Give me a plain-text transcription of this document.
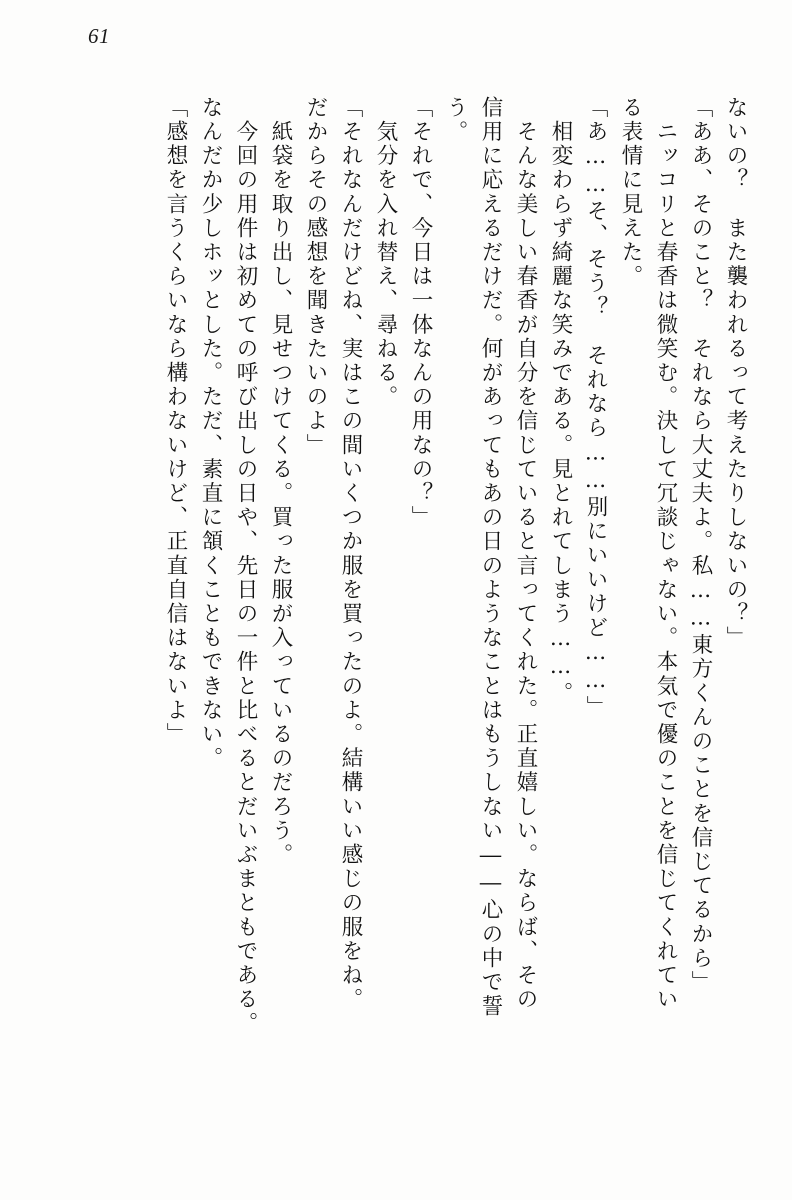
61
ないの？　また襲われるって考えたりしないの？」
「ああ、そのこと？　それなら大丈夫よ。私……東方くんのことを信じてるから」
　ニッコリと春香は微笑む。決して冗談じゃない。本気で優のことを信じてくれてい
る表情に見えた。
「あ……そ、そう？　それなら……別にいいけど……」
　相変わらず綺麗な笑みである。見とれてしまう……。
　そんな美しい春香が自分を信じていると言ってくれた。正直嬉しい。ならば、その
信用に応えるだけだ。何があってもあの日のようなことはもうしない――心の中で誓
う。
「それで、今日は一体なんの用なの？」
　気分を入れ替え、尋ねる。
「それなんだけどね、実はこの間いくつか服を買ったのよ。結構いい感じの服をね。
だからその感想を聞きたいのよ」
　紙袋を取り出し、見せつけてくる。買った服が入っているのだろう。
　今回の用件は初めての呼び出しの日や、先日の一件と比べるとだいぶまともである。
なんだか少しホッとした。ただ、素直に頷くこともできない。
「感想を言うくらいなら構わないけど、正直自信はないよ」
